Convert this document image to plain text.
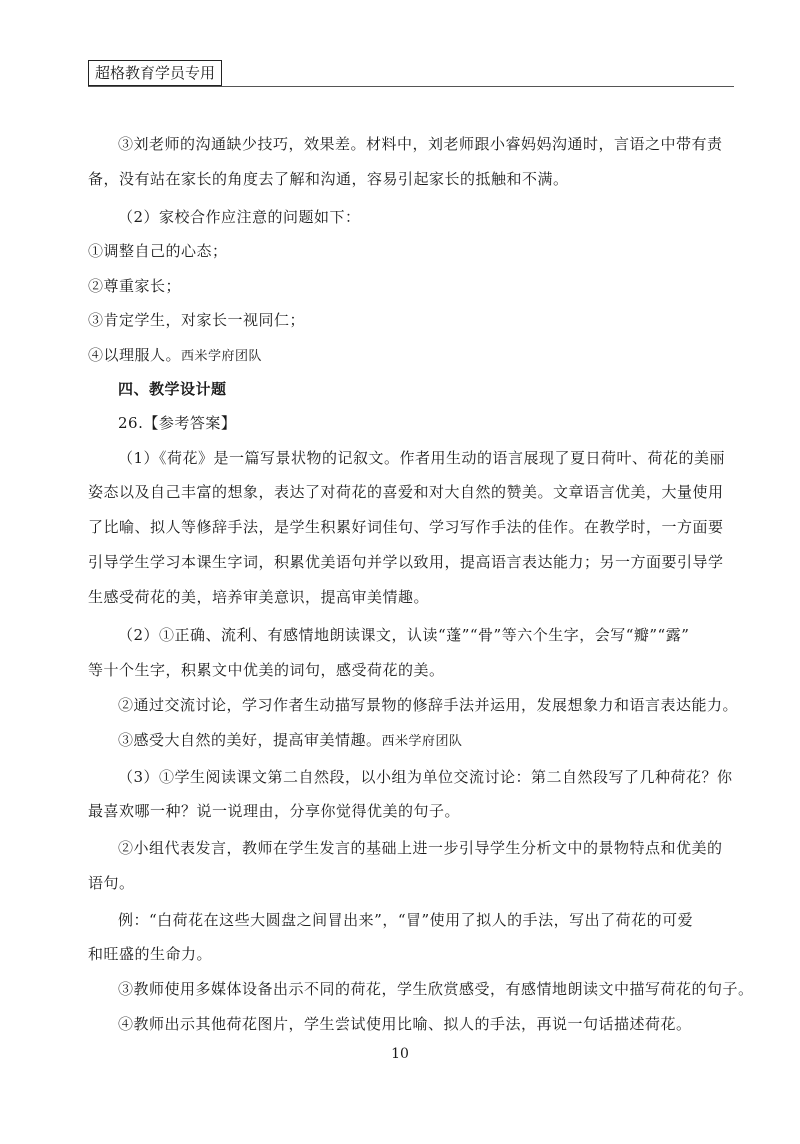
超格教育学员专用
③刘老师的沟通缺少技巧，效果差。材料中，刘老师跟小睿妈妈沟通时，言语之中带有责
备，没有站在家长的角度去了解和沟通，容易引起家长的抵触和不满。
（2）家校合作应注意的问题如下：
①调整自己的心态；
②尊重家长；
③肯定学生，对家长一视同仁；
④以理服人。西米学府团队
四、教学设计题
26.【参考答案】
（1）《荷花》是一篇写景状物的记叙文。作者用生动的语言展现了夏日荷叶、荷花的美丽
姿态以及自己丰富的想象，表达了对荷花的喜爱和对大自然的赞美。文章语言优美，大量使用
了比喻、拟人等修辞手法，是学生积累好词佳句、学习写作手法的佳作。在教学时，一方面要
引导学生学习本课生字词，积累优美语句并学以致用，提高语言表达能力；另一方面要引导学
生感受荷花的美，培养审美意识，提高审美情趣。
（2）①正确、流利、有感情地朗读课文，认读“蓬”“骨”等六个生字，会写“瓣”“露”
等十个生字，积累文中优美的词句，感受荷花的美。
②通过交流讨论，学习作者生动描写景物的修辞手法并运用，发展想象力和语言表达能力。
③感受大自然的美好，提高审美情趣。西米学府团队
（3）①学生阅读课文第二自然段，以小组为单位交流讨论：第二自然段写了几种荷花？你
最喜欢哪一种？说一说理由，分享你觉得优美的句子。
②小组代表发言，教师在学生发言的基础上进一步引导学生分析文中的景物特点和优美的
语句。
例：“白荷花在这些大圆盘之间冒出来”，“冒”使用了拟人的手法，写出了荷花的可爱
和旺盛的生命力。
③教师使用多媒体设备出示不同的荷花，学生欣赏感受，有感情地朗读文中描写荷花的句子。
④教师出示其他荷花图片，学生尝试使用比喻、拟人的手法，再说一句话描述荷花。
10
